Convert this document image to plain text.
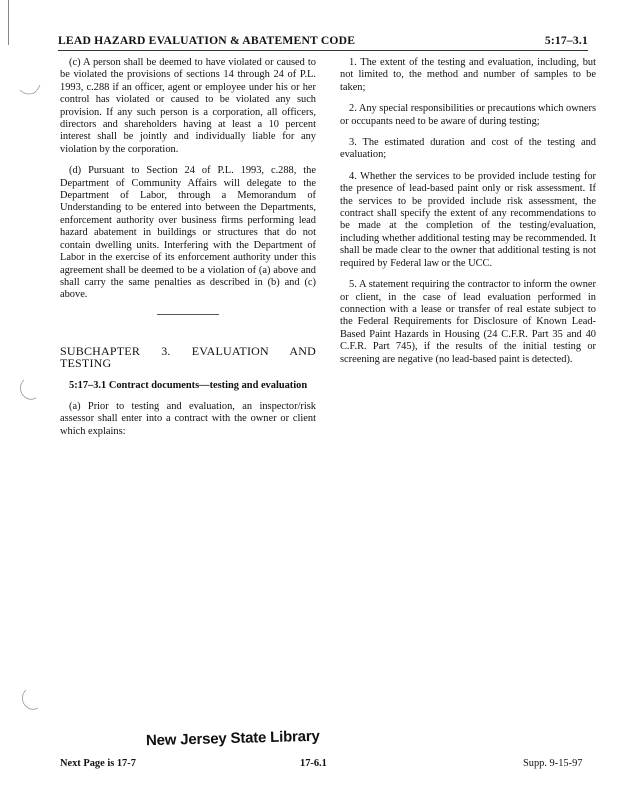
LEAD HAZARD EVALUATION & ABATEMENT CODE	5:17–3.1

(c) A person shall be deemed to have violated or caused to be violated the provisions of sections 14 through 24 of P.L. 1993, c.288 if an officer, agent or employee under his or her control has violated or caused to be violated any such provision. If any such person is a corporation, all officers, directors and shareholders having at least a 10 percent interest shall be jointly and individually liable for any violation by the corporation.

(d) Pursuant to Section 24 of P.L. 1993, c.288, the Department of Community Affairs will delegate to the Department of Labor, through a Memorandum of Understanding to be entered into between the Departments, enforcement authority over business firms performing lead hazard abatement in buildings or structures that do not contain dwelling units. Interfering with the Department of Labor in the exercise of its enforcement authority under this agreement shall be deemed to be a violation of (a) above and shall carry the same penalties as described in (b) and (c) above.

SUBCHAPTER 3. EVALUATION AND TESTING

5:17–3.1 Contract documents—testing and evaluation

(a) Prior to testing and evaluation, an inspector/risk assessor shall enter into a contract with the owner or client which explains:

1. The extent of the testing and evaluation, including, but not limited to, the method and number of samples to be taken;

2. Any special responsibilities or precautions which owners or occupants need to be aware of during testing;

3. The estimated duration and cost of the testing and evaluation;

4. Whether the services to be provided include testing for the presence of lead-based paint only or risk assessment. If the services to be provided include risk assessment, the contract shall specify the extent of any recommendations to be made at the completion of the testing/evaluation, including whether additional testing may be recommended. It shall be made clear to the owner that additional testing is not required by Federal law or the UCC.

5. A statement requiring the contractor to inform the owner or client, in the case of lead evaluation performed in connection with a lease or transfer of real estate subject to the Federal Requirements for Disclosure of Known Lead-Based Paint Hazards in Housing (24 C.F.R. Part 35 and 40 C.F.R. Part 745), if the results of the initial testing or screening are negative (no lead-based paint is detected).

New Jersey State Library
Next Page is 17-7	17-6.1	Supp. 9-15-97
